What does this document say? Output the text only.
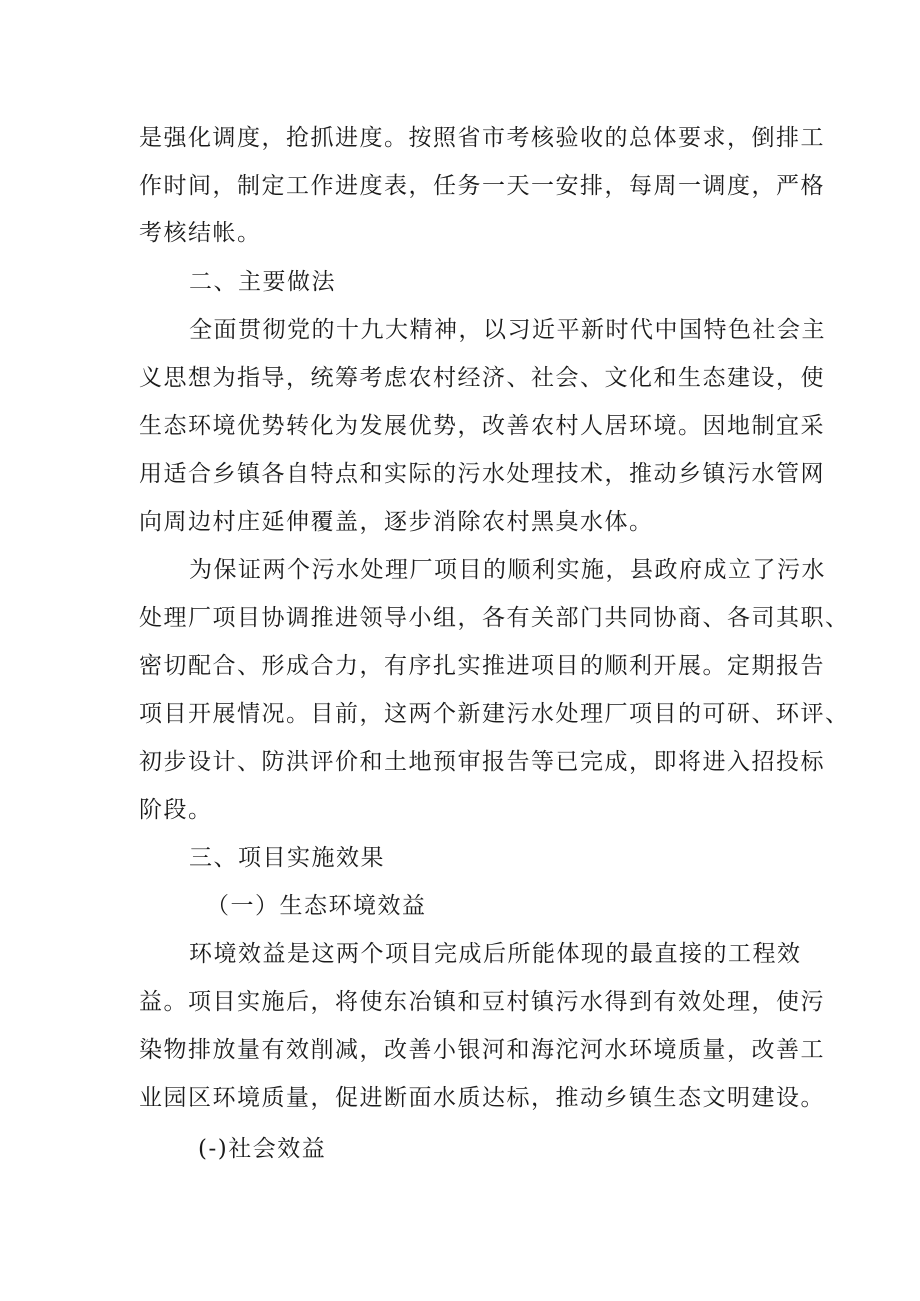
是强化调度，抢抓进度。按照省市考核验收的总体要求，倒排工
作时间，制定工作进度表，任务一天一安排，每周一调度，严格
考核结帐。
二、主要做法
全面贯彻党的十九大精神，以习近平新时代中国特色社会主
义思想为指导，统筹考虑农村经济、社会、文化和生态建设，使
生态环境优势转化为发展优势，改善农村人居环境。因地制宜采
用适合乡镇各自特点和实际的污水处理技术，推动乡镇污水管网
向周边村庄延伸覆盖，逐步消除农村黑臭水体。
为保证两个污水处理厂项目的顺利实施，县政府成立了污水
处理厂项目协调推进领导小组，各有关部门共同协商、各司其职、
密切配合、形成合力，有序扎实推进项目的顺利开展。定期报告
项目开展情况。目前，这两个新建污水处理厂项目的可研、环评、
初步设计、防洪评价和土地预审报告等已完成，即将进入招投标
阶段。
三、项目实施效果
（一）生态环境效益
环境效益是这两个项目完成后所能体现的最直接的工程效
益。项目实施后，将使东冶镇和豆村镇污水得到有效处理，使污
染物排放量有效削减，改善小银河和海沱河水环境质量，改善工
业园区环境质量，促进断面水质达标，推动乡镇生态文明建设。
(-)社会效益
